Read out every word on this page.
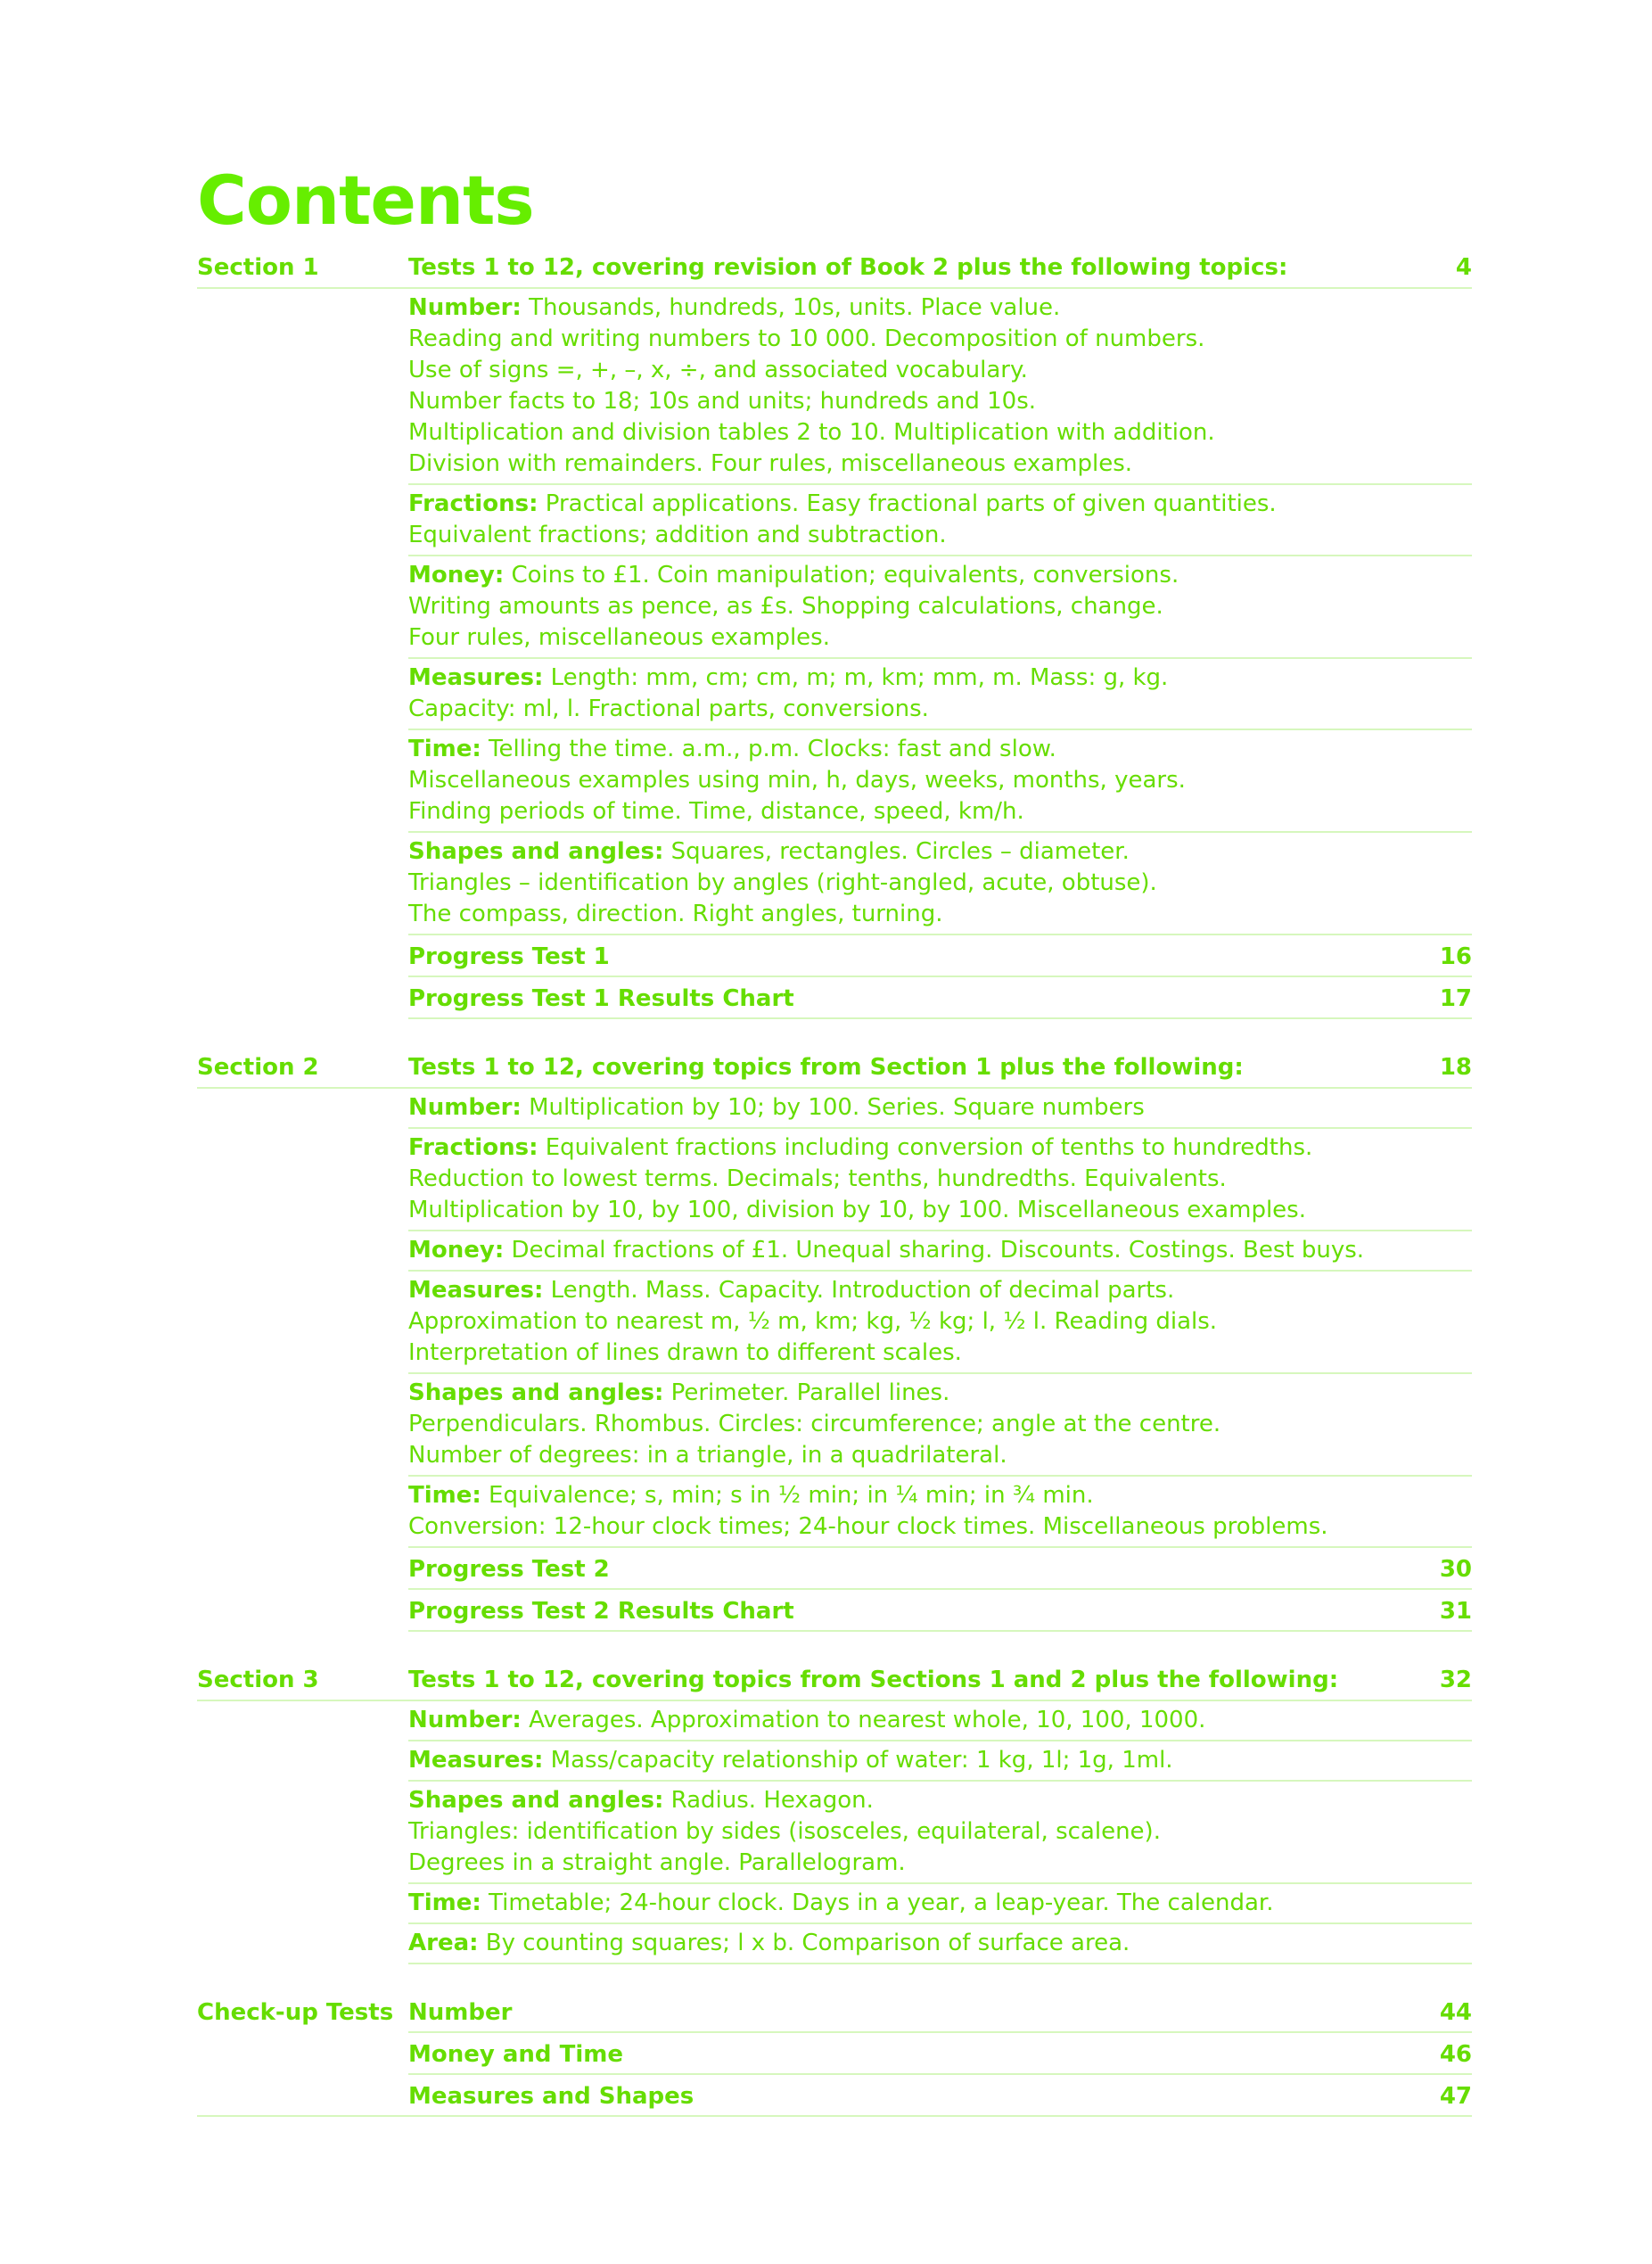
Contents
Section 1	Tests 1 to 12, covering revision of Book 2 plus the following topics:	4
Number: Thousands, hundreds, 10s, units. Place value.
Reading and writing numbers to 10 000. Decomposition of numbers.
Use of signs =, +, –, x, ÷, and associated vocabulary.
Number facts to 18; 10s and units; hundreds and 10s.
Multiplication and division tables 2 to 10. Multiplication with addition.
Division with remainders. Four rules, miscellaneous examples.
Fractions: Practical applications. Easy fractional parts of given quantities.
Equivalent fractions; addition and subtraction.
Money: Coins to £1. Coin manipulation; equivalents, conversions.
Writing amounts as pence, as £s. Shopping calculations, change.
Four rules, miscellaneous examples.
Measures: Length: mm, cm; cm, m; m, km; mm, m. Mass: g, kg.
Capacity: ml, l. Fractional parts, conversions.
Time: Telling the time. a.m., p.m. Clocks: fast and slow.
Miscellaneous examples using min, h, days, weeks, months, years.
Finding periods of time. Time, distance, speed, km/h.
Shapes and angles: Squares, rectangles. Circles – diameter.
Triangles – identification by angles (right-angled, acute, obtuse).
The compass, direction. Right angles, turning.
Progress Test 1	16
Progress Test 1 Results Chart	17
Section 2	Tests 1 to 12, covering topics from Section 1 plus the following:	18
Number: Multiplication by 10; by 100. Series. Square numbers
Fractions: Equivalent fractions including conversion of tenths to hundredths.
Reduction to lowest terms. Decimals; tenths, hundredths. Equivalents.
Multiplication by 10, by 100, division by 10, by 100. Miscellaneous examples.
Money: Decimal fractions of £1. Unequal sharing. Discounts. Costings. Best buys.
Measures: Length. Mass. Capacity. Introduction of decimal parts.
Approximation to nearest m, ½ m, km; kg, ½ kg; l, ½ l. Reading dials.
Interpretation of lines drawn to different scales.
Shapes and angles: Perimeter. Parallel lines.
Perpendiculars. Rhombus. Circles: circumference; angle at the centre.
Number of degrees: in a triangle, in a quadrilateral.
Time: Equivalence; s, min; s in ½ min; in ¼ min; in ¾ min.
Conversion: 12-hour clock times; 24-hour clock times. Miscellaneous problems.
Progress Test 2	30
Progress Test 2 Results Chart	31
Section 3	Tests 1 to 12, covering topics from Sections 1 and 2 plus the following:	32
Number: Averages. Approximation to nearest whole, 10, 100, 1000.
Measures: Mass/capacity relationship of water: 1 kg, 1l; 1g, 1ml.
Shapes and angles: Radius. Hexagon.
Triangles: identification by sides (isosceles, equilateral, scalene).
Degrees in a straight angle. Parallelogram.
Time: Timetable; 24-hour clock. Days in a year, a leap-year. The calendar.
Area: By counting squares; l x b. Comparison of surface area.
Check-up Tests Number	44
Money and Time	46
Measures and Shapes	47
